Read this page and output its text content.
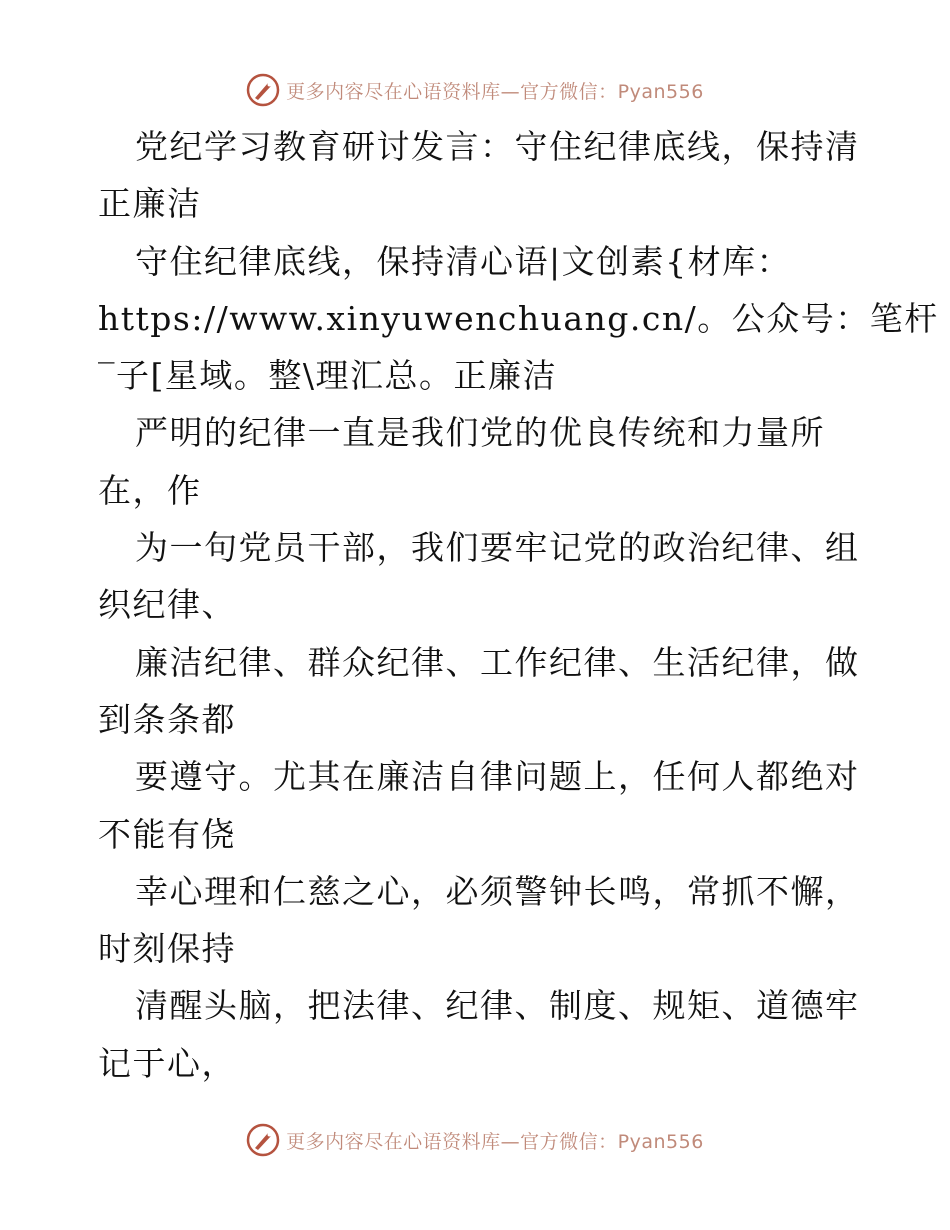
更多内容尽在心语资料库—官方微信：Pyan556
党纪学习教育研讨发言：守住纪律底线，保持清
正廉洁
守住纪律底线，保持清心语|文创素{材库：
https://www.xinyuwenchuang.cn/。公众号：笔杆
‾子[星域。整\理汇总。正廉洁
严明的纪律一直是我们党的优良传统和力量所
在，作
为一句党员干部，我们要牢记党的政治纪律、组
织纪律、
廉洁纪律、群众纪律、工作纪律、生活纪律，做
到条条都
要遵守。尤其在廉洁自律问题上，任何人都绝对
不能有侥
幸心理和仁慈之心，必须警钟长鸣，常抓不懈，
时刻保持
清醒头脑，把法律、纪律、制度、规矩、道德牢
记于心，
更多内容尽在心语资料库—官方微信：Pyan556
